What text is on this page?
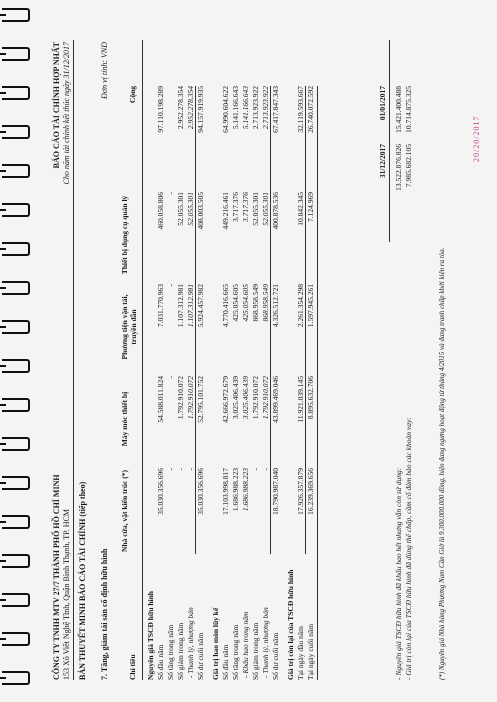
CÔNG TY TNHH MTV 27/7 THÀNH PHỐ HỒ CHÍ MINH 153 Xô Viết Nghệ Tĩnh, Quận Bình Thạnh, TP. HCM
BÁO CÁO TÀI CHÍNH HỢP NHẤT Cho năm tài chính kết thúc ngày 31/12/2017
BẢN THUYẾT MINH BÁO CÁO TÀI CHÍNH (tiếp theo) 7. Tăng, giảm tài sản cố định hữu hình
Đơn vị tính: VND
Chỉ tiêu
Nhà cửa, vật kiến trúc (*)
Máy móc thiết bị
Phương tiện vận tải, truyền dẫn
Thiết bị dụng cụ quản lý
Cộng
Nguyên giá TSCĐ hữu hình Số đầu năm
35.030.356.696
54.588.011.824
7.031.770.963
460.058.806
97.110.198.289
Số tăng trong năm
-
-
-
-
Số giảm trong năm
-
1.792.910.072
1.107.312.981
52.055.301
2.952.278.354
- Thanh lý, nhượng bán
-
1.792.910.072
1.107.312.981
52.055.301
2.952.278.354
Số dư cuối năm
35.030.356.696
52.795.101.752
5.924.457.982
408.003.505
94.157.919.935
Giá trị hao mòn lũy kế Số đầu năm
17.103.998.817
42.666.972.679
4.770.416.665
449.216.461
64.990.604.622
Số tăng trong năm
1.686.988.223
3.025.406.439
425.054.605
3.717.376
5.141.166.643
- Khấu hao trong năm
1.686.988.223
3.025.406.439
425.054.605
3.717.376
5.141.166.643
Số giảm trong năm
-
1.792.910.072
868.958.549
52.055.301
2.713.923.922
- Thanh lý, nhượng bán
-
1.792.910.072
868.958.549
52.055.301
2.713.923.922
Số dư cuối năm
18.790.987.040
43.899.469.046
4.326.512.721
400.878.536
67.417.847.343
Giá trị còn lại của TSCĐ hữu hình Tại ngày đầu năm
17.926.357.879
11.921.039.145
2.261.354.298
10.842.345
32.119.593.667
Tại ngày cuối năm
16.239.369.656
8.895.632.706
1.597.945.261
7.124.969
26.740.072.592
31/12/2017
01/01/2017
- Nguyên giá TSCĐ hữu hình đã khấu hao hết nhưng vẫn còn sử dụng:
13.522.876.826
15.421.400.488
- Giá trị còn lại của TSCĐ hữu hình đã dùng thế chấp, cầm cố đảm bảo các khoản vay:
7.985.682.105
10.714.875.325
(*) Nguyên giá Nhà hàng Phương Nam Cần Giờ là 9.300.000.000 đồng, hiện đang ngưng hoạt động từ tháng 4/2015 và đang tranh chấp khởi kiện ra tòa.
20/20/2017
